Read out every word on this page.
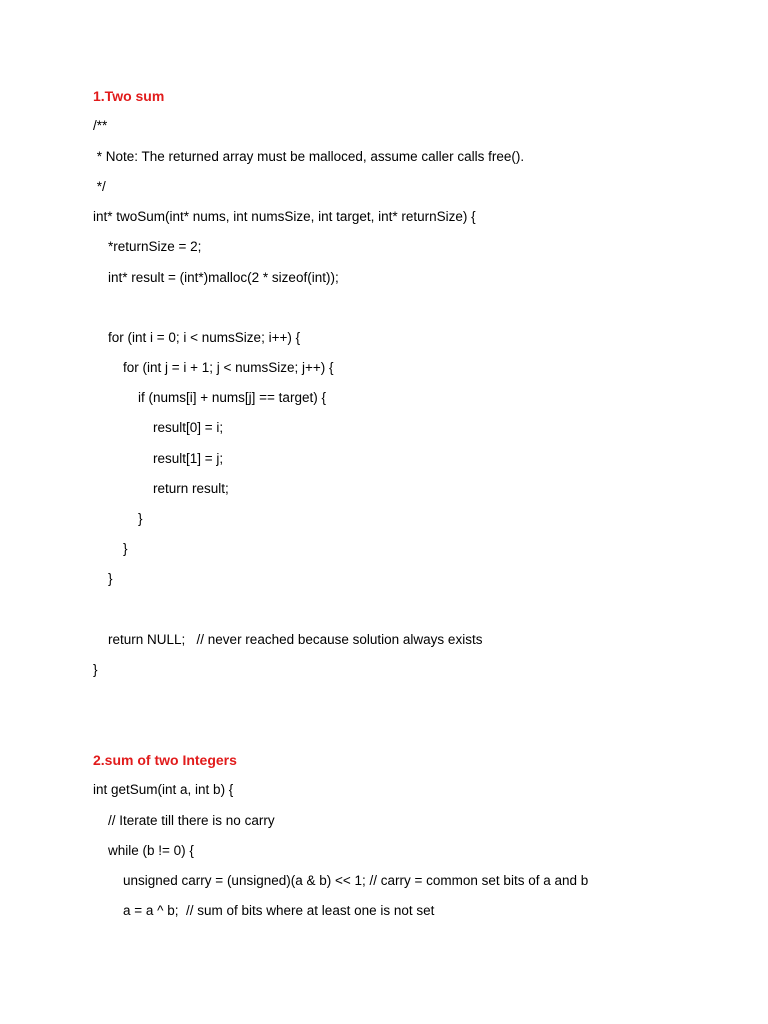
1.Two sum
/**
* Note: The returned array must be malloced, assume caller calls free().
*/
int* twoSum(int* nums, int numsSize, int target, int* returnSize) {
*returnSize = 2;
int* result = (int*)malloc(2 * sizeof(int));
for (int i = 0; i < numsSize; i++) {
for (int j = i + 1; j < numsSize; j++) {
if (nums[i] + nums[j] == target) {
result[0] = i;
result[1] = j;
return result;
}
}
}
return NULL;   // never reached because solution always exists
}
2.sum of two Integers
int getSum(int a, int b) {
// Iterate till there is no carry
while (b != 0) {
unsigned carry = (unsigned)(a & b) << 1; // carry = common set bits of a and b
a = a ^ b;  // sum of bits where at least one is not set
